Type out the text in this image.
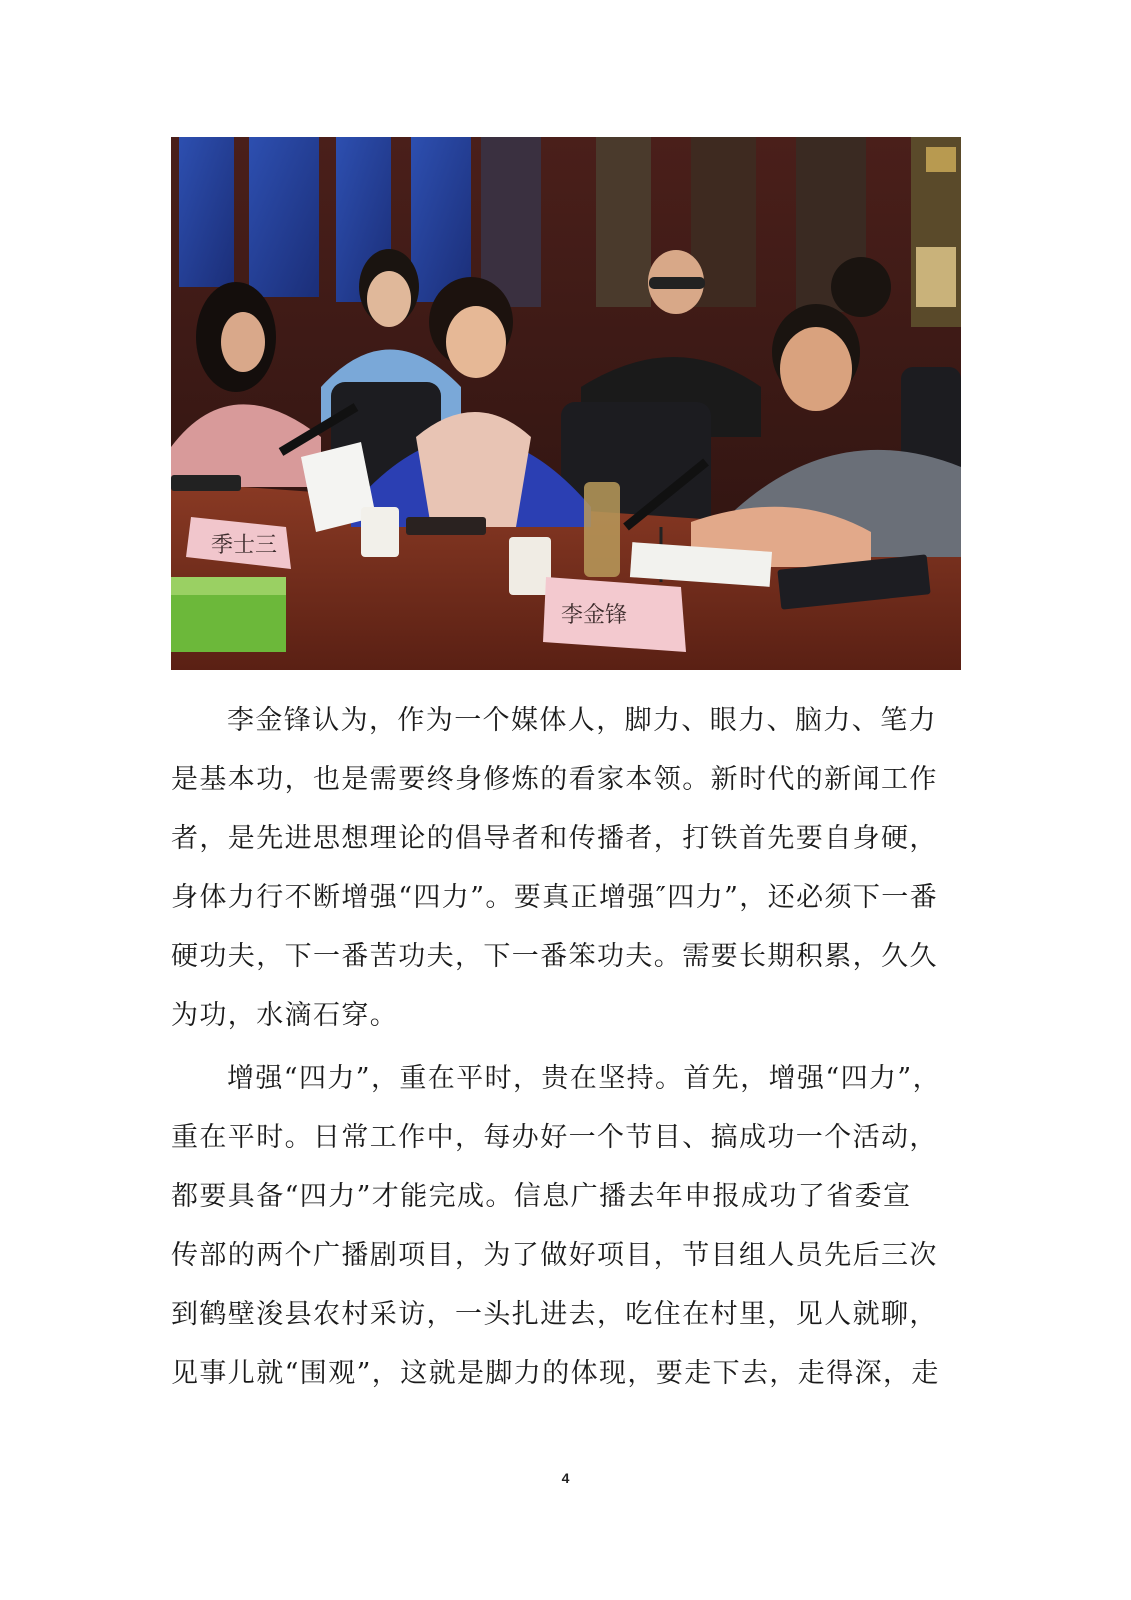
季士三
李金锋

李金锋认为，作为一个媒体人，脚力、眼力、脑力、笔力
是基本功，也是需要终身修炼的看家本领。新时代的新闻工作
者，是先进思想理论的倡导者和传播者，打铁首先要自身硬，
身体力行不断增强“四力”。要真正增强″四力”，还必须下一番
硬功夫，下一番苦功夫，下一番笨功夫。需要长期积累，久久
为功，水滴石穿。

增强“四力”，重在平时，贵在坚持。首先，增强“四力”，
重在平时。日常工作中，每办好一个节目、搞成功一个活动，
都要具备“四力”才能完成。信息广播去年申报成功了省委宣
传部的两个广播剧项目，为了做好项目，节目组人员先后三次
到鹤壁浚县农村采访，一头扎进去，吃住在村里，见人就聊，
见事儿就“围观”，这就是脚力的体现，要走下去，走得深，走

4
